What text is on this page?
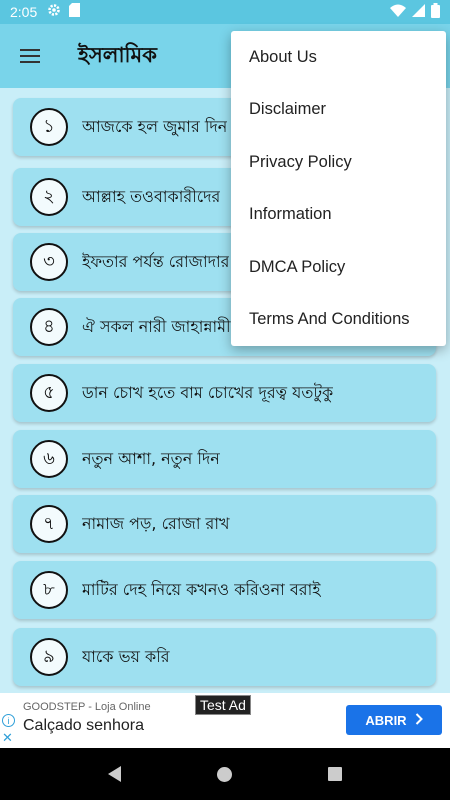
2:05
ইসলামিক
১	আজকে হল জুমার দিন
২	আল্লাহ তওবাকারীদের
৩	ইফতার পর্যন্ত রোজাদার
৪	ঐ সকল নারী জাহান্নামী
৫	ডান চোখ হতে বাম চোখের দূরত্ব যতটুকু
৬	নতুন আশা, নতুন দিন
৭	নামাজ পড়, রোজা রাখ
৮	মাটির দেহ নিয়ে কখনও করিওনা বরাই
৯	যাকে ভয় করি
About Us
Disclaimer
Privacy Policy
Information
DMCA Policy
Terms And Conditions
i
✕
GOODSTEP - Loja Online
Calçado senhora
Test Ad
ABRIR
